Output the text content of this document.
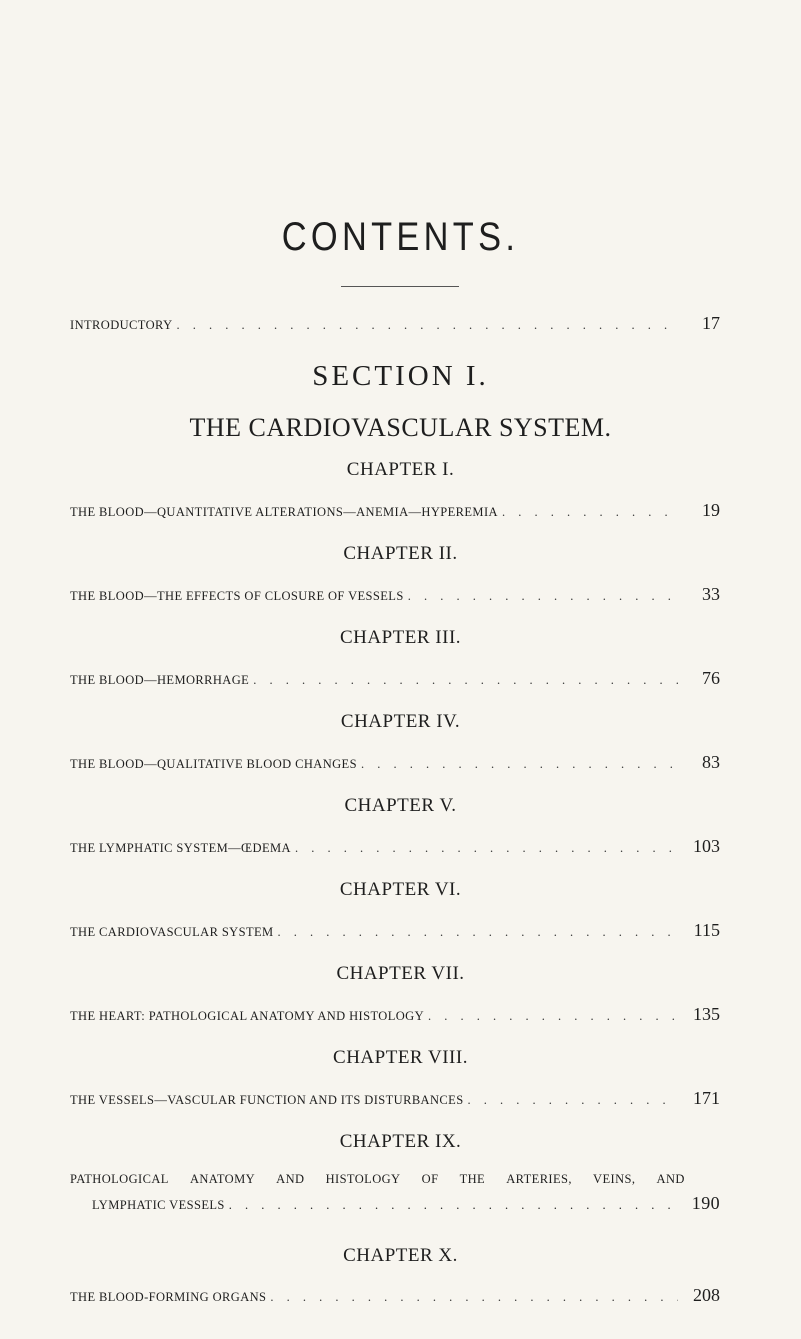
CONTENTS.
INTRODUCTORY . . .	17
SECTION I.
THE CARDIOVASCULAR SYSTEM.
CHAPTER I.
THE BLOOD—QUANTITATIVE ALTERATIONS—ANEMIA—HYPEREMIA . . .	19
CHAPTER II.
THE BLOOD—THE EFFECTS OF CLOSURE OF VESSELS . . .	33
CHAPTER III.
THE BLOOD—HEMORRHAGE . . .	76
CHAPTER IV.
THE BLOOD—QUALITATIVE BLOOD CHANGES . . .	83
CHAPTER V.
THE LYMPHATIC SYSTEM—ŒDEMA . . .	103
CHAPTER VI.
THE CARDIOVASCULAR SYSTEM . . .	115
CHAPTER VII.
THE HEART: PATHOLOGICAL ANATOMY AND HISTOLOGY . . .	135
CHAPTER VIII.
THE VESSELS—VASCULAR FUNCTION AND ITS DISTURBANCES . . .	171
CHAPTER IX.
PATHOLOGICAL ANATOMY AND HISTOLOGY OF THE ARTERIES, VEINS, AND
LYMPHATIC VESSELS . . .	190
CHAPTER X.
THE BLOOD-FORMING ORGANS . . .	208
